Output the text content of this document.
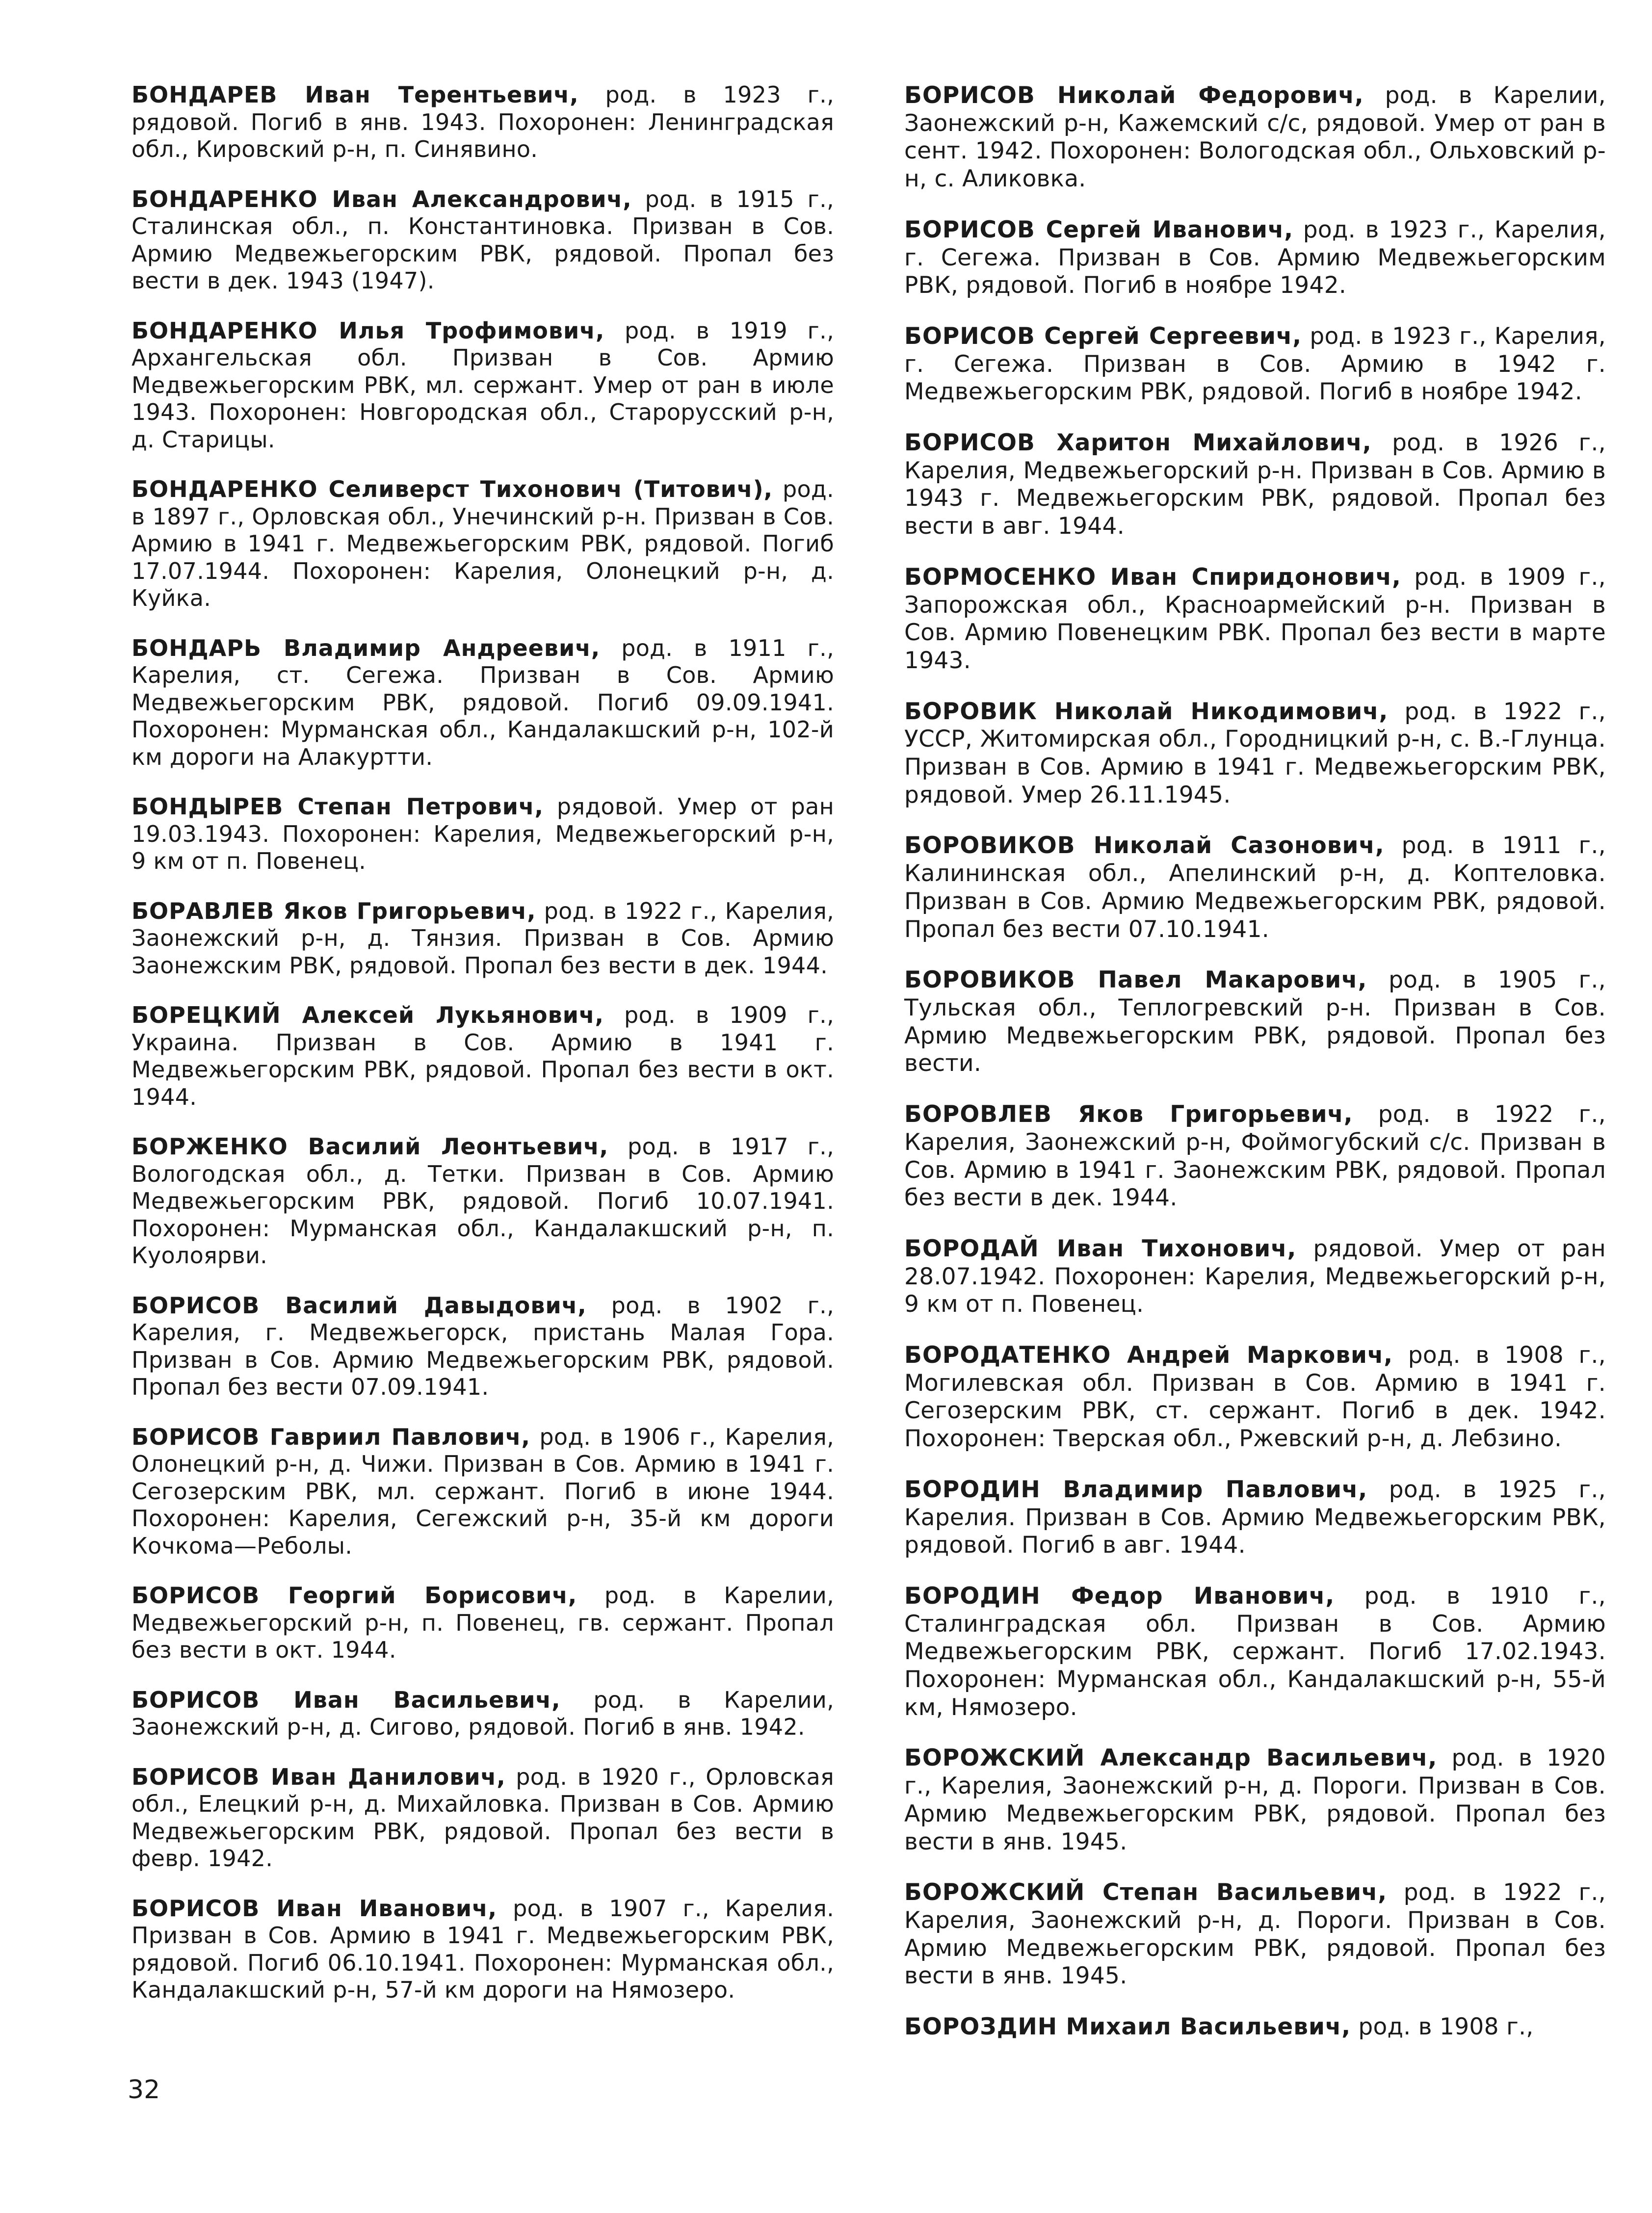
БОНДАРЕВ Иван Терентьевич, род. в 1923 г., рядовой. Погиб в янв. 1943. Похоронен: Ленинградская обл., Кировский р-н, п. Синявино.

БОНДАРЕНКО Иван Александрович, род. в 1915 г., Сталинская обл., п. Константиновка. Призван в Сов. Армию Медвежьегорским РВК, рядовой. Пропал без вести в дек. 1943 (1947).

БОНДАРЕНКО Илья Трофимович, род. в 1919 г., Архангельская обл. Призван в Сов. Армию Медвежьегорским РВК, мл. сержант. Умер от ран в июле 1943. Похоронен: Новгородская обл., Старорусский р-н, д. Старицы.

БОНДАРЕНКО Селиверст Тихонович (Титович), род. в 1897 г., Орловская обл., Унечинский р-н. Призван в Сов. Армию в 1941 г. Медвежьегорским РВК, рядовой. Погиб 17.07.1944. Похоронен: Карелия, Олонецкий р-н, д. Куйка.

БОНДАРЬ Владимир Андреевич, род. в 1911 г., Карелия, ст. Сегежа. Призван в Сов. Армию Медвежьегорским РВК, рядовой. Погиб 09.09.1941. Похоронен: Мурманская обл., Кандалакшский р-н, 102-й км дороги на Алакуртти.

БОНДЫРЕВ Степан Петрович, рядовой. Умер от ран 19.03.1943. Похоронен: Карелия, Медвежьегорский р-н, 9 км от п. Повенец.

БОРАВЛЕВ Яков Григорьевич, род. в 1922 г., Карелия, Заонежский р-н, д. Тянзия. Призван в Сов. Армию Заонежским РВК, рядовой. Пропал без вести в дек. 1944.

БОРЕЦКИЙ Алексей Лукьянович, род. в 1909 г., Украина. Призван в Сов. Армию в 1941 г. Медвежьегорским РВК, рядовой. Пропал без вести в окт. 1944.

БОРЖЕНКО Василий Леонтьевич, род. в 1917 г., Вологодская обл., д. Тетки. Призван в Сов. Армию Медвежьегорским РВК, рядовой. Погиб 10.07.1941. Похоронен: Мурманская обл., Кандалакшский р-н, п. Куолоярви.

БОРИСОВ Василий Давыдович, род. в 1902 г., Карелия, г. Медвежьегорск, пристань Малая Гора. Призван в Сов. Армию Медвежьегорским РВК, рядовой. Пропал без вести 07.09.1941.

БОРИСОВ Гавриил Павлович, род. в 1906 г., Карелия, Олонецкий р-н, д. Чижи. Призван в Сов. Армию в 1941 г. Сегозерским РВК, мл. сержант. Погиб в июне 1944. Похоронен: Карелия, Сегежский р-н, 35-й км дороги Кочкома—Реболы.

БОРИСОВ Георгий Борисович, род. в Карелии, Медвежьегорский р-н, п. Повенец, гв. сержант. Пропал без вести в окт. 1944.

БОРИСОВ Иван Васильевич, род. в Карелии, Заонежский р-н, д. Сигово, рядовой. Погиб в янв. 1942.

БОРИСОВ Иван Данилович, род. в 1920 г., Орловская обл., Елецкий р-н, д. Михайловка. Призван в Сов. Армию Медвежьегорским РВК, рядовой. Пропал без вести в февр. 1942.

БОРИСОВ Иван Иванович, род. в 1907 г., Карелия. Призван в Сов. Армию в 1941 г. Медвежьегорским РВК, рядовой. Погиб 06.10.1941. Похоронен: Мурманская обл., Кандалакшский р-н, 57-й км дороги на Нямозеро.

БОРИСОВ Николай Федорович, род. в Карелии, Заонежский р-н, Кажемский с/с, рядовой. Умер от ран в сент. 1942. Похоронен: Вологодская обл., Ольховский р-н, с. Аликовка.

БОРИСОВ Сергей Иванович, род. в 1923 г., Карелия, г. Сегежа. Призван в Сов. Армию Медвежьегорским РВК, рядовой. Погиб в ноябре 1942.

БОРИСОВ Сергей Сергеевич, род. в 1923 г., Карелия, г. Сегежа. Призван в Сов. Армию в 1942 г. Медвежьегорским РВК, рядовой. Погиб в ноябре 1942.

БОРИСОВ Харитон Михайлович, род. в 1926 г., Карелия, Медвежьегорский р-н. Призван в Сов. Армию в 1943 г. Медвежьегорским РВК, рядовой. Пропал без вести в авг. 1944.

БОРМОСЕНКО Иван Спиридонович, род. в 1909 г., Запорожская обл., Красноармейский р-н. Призван в Сов. Армию Повенецким РВК. Пропал без вести в марте 1943.

БОРОВИК Николай Никодимович, род. в 1922 г., УССР, Житомирская обл., Городницкий р-н, с. В.-Глунца. Призван в Сов. Армию в 1941 г. Медвежьегорским РВК, рядовой. Умер 26.11.1945.

БОРОВИКОВ Николай Сазонович, род. в 1911 г., Калининская обл., Апелинский р-н, д. Коптеловка. Призван в Сов. Армию Медвежьегорским РВК, рядовой. Пропал без вести 07.10.1941.

БОРОВИКОВ Павел Макарович, род. в 1905 г., Тульская обл., Теплогревский р-н. Призван в Сов. Армию Медвежьегорским РВК, рядовой. Пропал без вести.

БОРОВЛЕВ Яков Григорьевич, род. в 1922 г., Карелия, Заонежский р-н, Фоймогубский с/с. Призван в Сов. Армию в 1941 г. Заонежским РВК, рядовой. Пропал без вести в дек. 1944.

БОРОДАЙ Иван Тихонович, рядовой. Умер от ран 28.07.1942. Похоронен: Карелия, Медвежьегорский р-н, 9 км от п. Повенец.

БОРОДАТЕНКО Андрей Маркович, род. в 1908 г., Могилевская обл. Призван в Сов. Армию в 1941 г. Сегозерским РВК, ст. сержант. Погиб в дек. 1942. Похоронен: Тверская обл., Ржевский р-н, д. Лебзино.

БОРОДИН Владимир Павлович, род. в 1925 г., Карелия. Призван в Сов. Армию Медвежьегорским РВК, рядовой. Погиб в авг. 1944.

БОРОДИН Федор Иванович, род. в 1910 г., Сталинградская обл. Призван в Сов. Армию Медвежьегорским РВК, сержант. Погиб 17.02.1943. Похоронен: Мурманская обл., Кандалакшский р-н, 55-й км, Нямозеро.

БОРОЖСКИЙ Александр Васильевич, род. в 1920 г., Карелия, Заонежский р-н, д. Пороги. Призван в Сов. Армию Медвежьегорским РВК, рядовой. Пропал без вести в янв. 1945.

БОРОЖСКИЙ Степан Васильевич, род. в 1922 г., Карелия, Заонежский р-н, д. Пороги. Призван в Сов. Армию Медвежьегорским РВК, рядовой. Пропал без вести в янв. 1945.

БОРОЗДИН Михаил Васильевич, род. в 1908 г.,

32
